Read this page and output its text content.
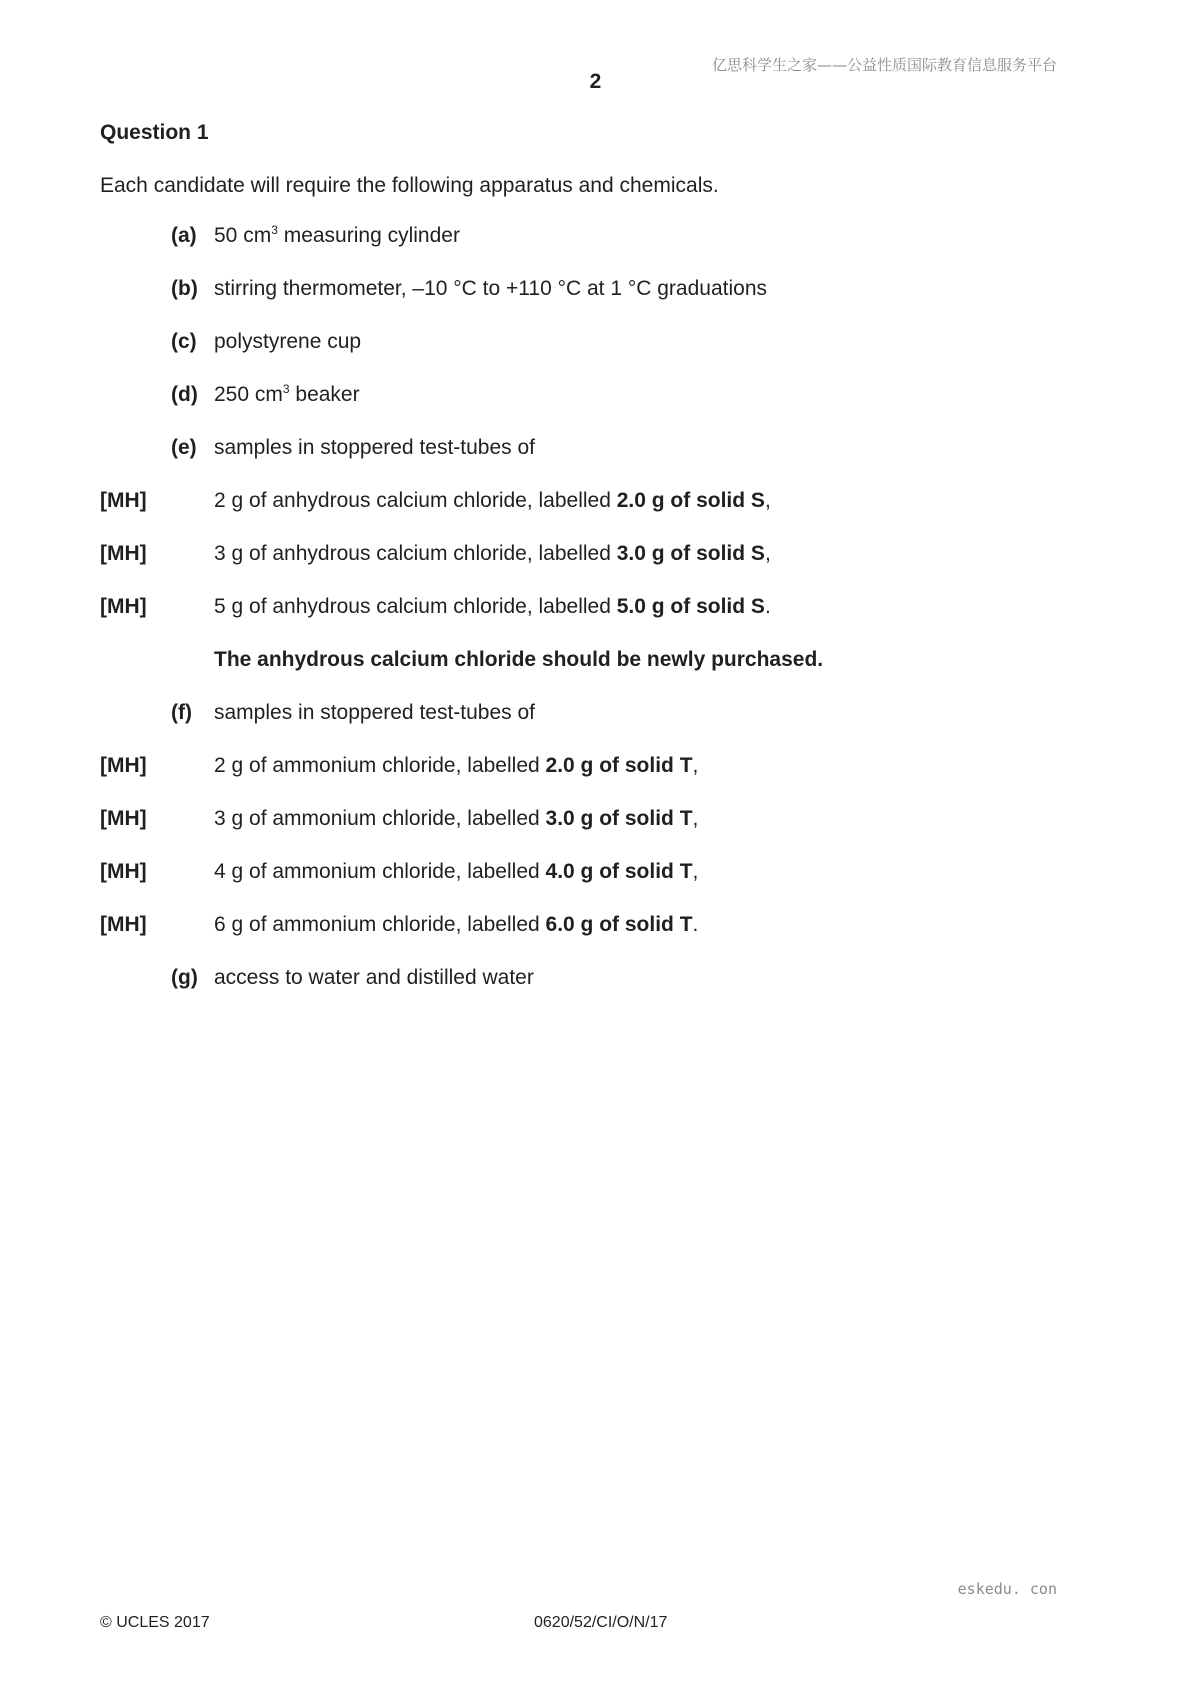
亿思科学生之家——公益性质国际教育信息服务平台
2
Question 1
Each candidate will require the following apparatus and chemicals.
(a) 50 $cm^3$ measuring cylinder
(b) stirring thermometer, –10 °C to +110 °C at 1 °C graduations
(c) polystyrene cup
(d) 250 $cm^3$ beaker
(e) samples in stoppered test-tubes of
[MH]	2 g of anhydrous calcium chloride, labelled 2.0 g of solid S,
[MH]	3 g of anhydrous calcium chloride, labelled 3.0 g of solid S,
[MH]	5 g of anhydrous calcium chloride, labelled 5.0 g of solid S.
The anhydrous calcium chloride should be newly purchased.
(f) samples in stoppered test-tubes of
[MH]	2 g of ammonium chloride, labelled 2.0 g of solid T,
[MH]	3 g of ammonium chloride, labelled 3.0 g of solid T,
[MH]	4 g of ammonium chloride, labelled 4.0 g of solid T,
[MH]	6 g of ammonium chloride, labelled 6.0 g of solid T.
(g) access to water and distilled water
eskedu. con
© UCLES 2017	0620/52/CI/O/N/17
